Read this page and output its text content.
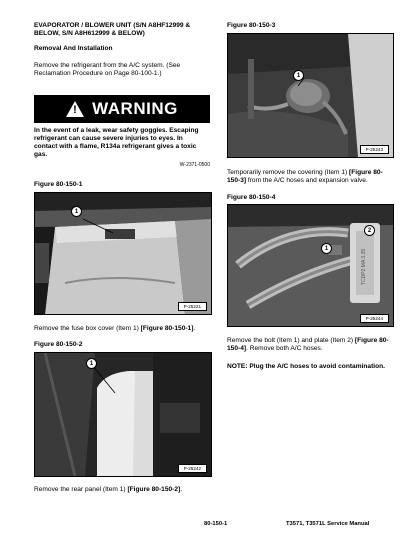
EVAPORATOR / BLOWER UNIT (S/N A8HF12999 &
BELOW, S/N A8H612999 & BELOW)
Removal And Installation
Remove the refrigerant from the A/C system. (See
Reclamation Procedure on Page 80-100-1.)
! WARNING
In the event of a leak, wear safety goggles. Escaping
refrigerant can cause severe injuries to eyes. In
contact with a flame, R134a refrigerant gives a toxic
gas.
W-2371-0500
Figure 80-150-1
1
P-25221
Remove the fuse box cover (Item 1) [Figure 80-150-1].
Figure 80-150-2
1
P-25242
Remove the rear panel (Item 1) [Figure 80-150-2].
Figure 80-150-3
1
P-25243
Temporarily remove the covering (Item 1) [Figure 80-
150-3] from the A/C hoses and expansion valve.
Figure 80-150-4
TCDP2 MA 3.25
1
2
P-25244
Remove the bolt (Item 1) and plate (Item 2) [Figure 80-
150-4]. Remove both A/C hoses.
NOTE: Plug the A/C hoses to avoid contamination.
80-150-1	T3571, T3571L Service Manual
